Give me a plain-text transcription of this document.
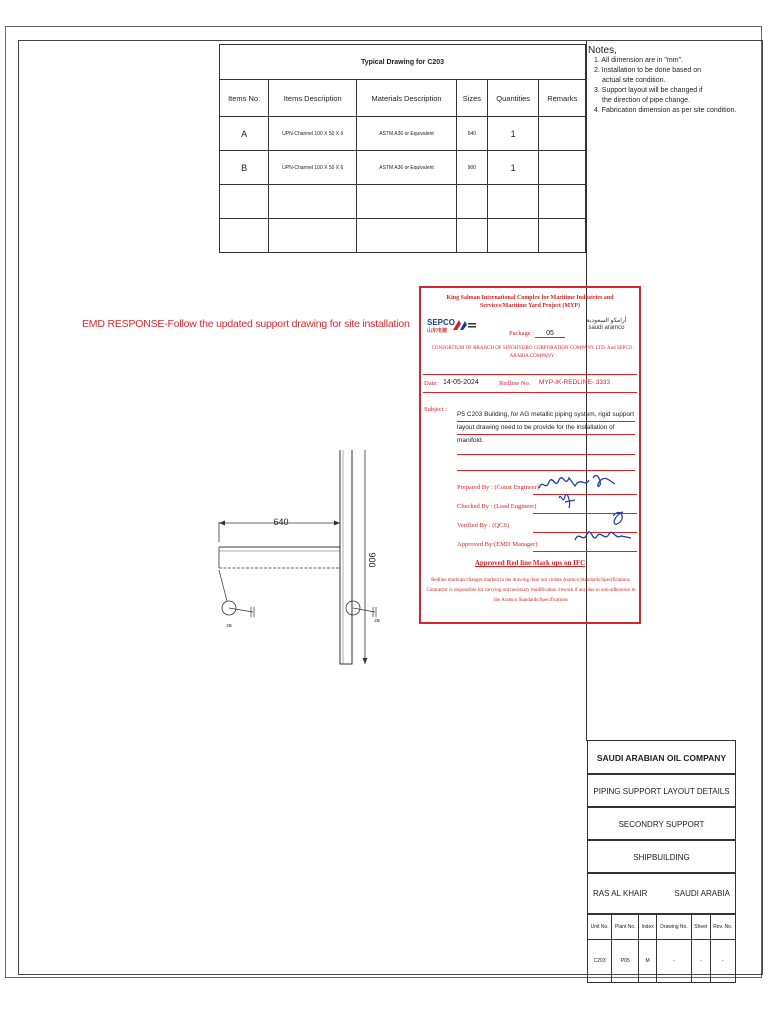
Typical Drawing for C203					
Items No.	Items Description	Materials Description	Sizes	Quantities	Remarks
A	UPN-Channel 100 X 50 X 6	ASTM A36 or Equivalent	640	1	
B	UPN-Channel 100 X 50 X 6	ASTM A36 or Equivalent	900	1	

Notes,
1. All dimension are in "mm".
2. Installation to be done based on actual site condition.
3. Support layout will be changed if the direction of pipe change.
4. Fabrication dimension as per site condition.
EMD RESPONSE-Follow the updated support drawing for site installation
King Salman International Complex for Maritime Industries and Services/Maritime Yard Project (MYP)
SEPCO
山东电建	Package :	05
أرامكو السعودية saudi aramco
CONSORTIUM OF BRANCH OF SINOHYDRO CORPORATION COMPANY LTD. And SEPCO ARABIA COMPANY
Date: 14-05-2024	Redline No. MYP-IK-REDLINE- 3333
Subject :
P5 C203 Building, for AG metallic piping system, rigid support layout drawing need to be provide for the installation of manifold.
Prepared By : (Const Engineer)
Checked By : (Lead Engineer)
Verified By : (QCS)
Approved By:(EMD Manager)
Approved Red line Mark ups on IFC
Redline markups/changes marked in the drawing dose not violate Aramco Standards/Specifications. Contractor is responsible for carrying out necessary modification /rework if any due to non-adherence to the Aramco Standards/Specifications
640
900
2B
2B
SAUDI ARABIAN OIL COMPANY
PIPING SUPPORT LAYOUT DETAILS
SECONDRY SUPPORT
SHIPBUILDING
RAS AL KHAIR	SAUDI ARABIA
Unit No.	Plant No.	Index	Drawing No.	Sheet	Rev. No.
C203	P05	M	-	-	-
